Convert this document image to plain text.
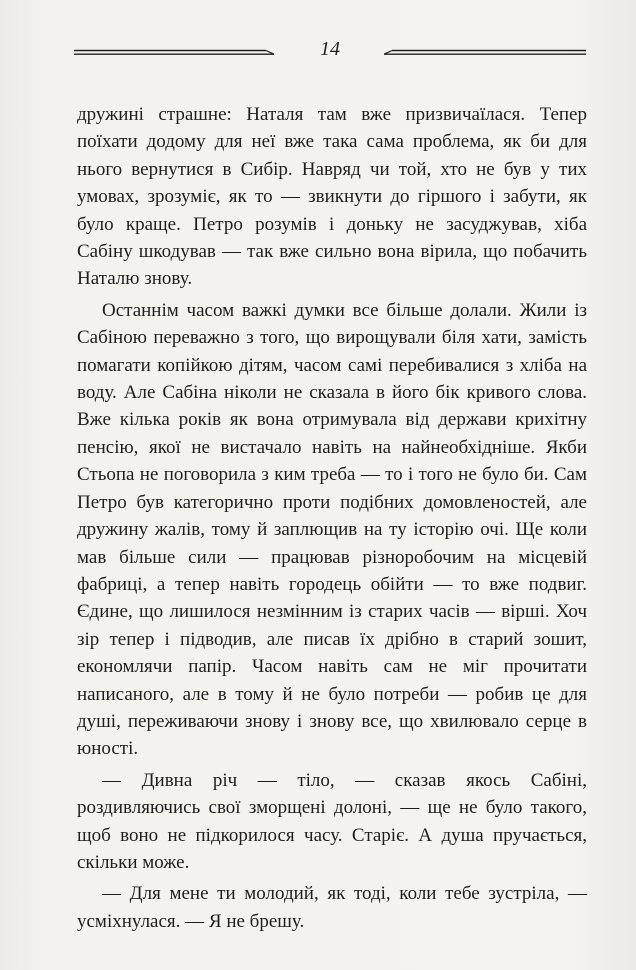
14

дружині страшне: Наталя там вже призвичаїлася. Тепер поїхати додому для неї вже така сама проблема, як би для нього вернутися в Сибір. Навряд чи той, хто не був у тих умовах, зрозуміє, як то — звикнути до гіршого і забути, як було краще. Петро розумів і доньку не засуджував, хіба Сабіну шкодував — так вже сильно вона вірила, що побачить Наталю знову.

Останнім часом важкі думки все більше долали. Жили із Сабіною переважно з того, що вирощували біля хати, замість помагати копійкою дітям, часом самі перебивалися з хліба на воду. Але Сабіна ніколи не сказала в його бік кривого слова. Вже кілька років як вона отримувала від держави крихітну пенсію, якої не вистачало навіть на найнеобхідніше. Якби Стьопа не поговорила з ким треба — то і того не було би. Сам Петро був категорично проти подібних домовленостей, але дружину жалів, тому й заплющив на ту історію очі. Ще коли мав більше сили — працював різноробочим на місцевій фабриці, а тепер навіть городець обійти — то вже подвиг. Єдине, що лишилося незмінним із старих часів — вірші. Хоч зір тепер і підводив, але писав їх дрібно в старий зошит, економлячи папір. Часом навіть сам не міг прочитати написаного, але в тому й не було потреби — робив це для душі, переживаючи знову і знову все, що хвилювало серце в юності.

— Дивна річ — тіло, — сказав якось Сабіні, роздивляючись свої зморщені долоні, — ще не було такого, щоб воно не підкорилося часу. Старіє. А душа пручається, скільки може.

— Для мене ти молодий, як тоді, коли тебе зустріла, — усміхнулася. — Я не брешу.
